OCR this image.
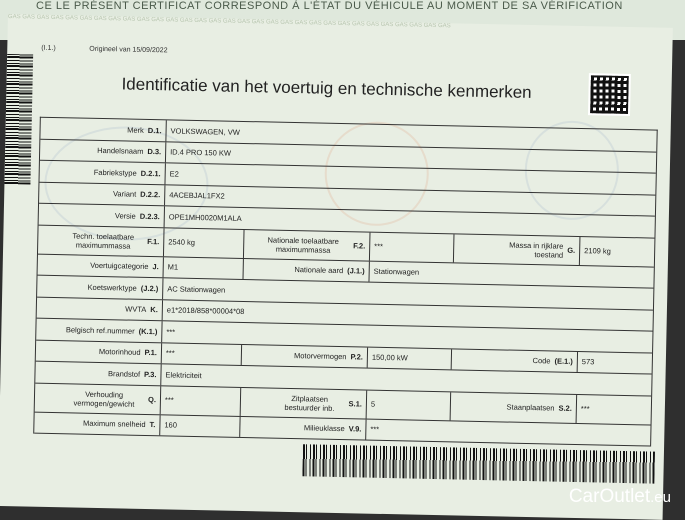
CE LE PRÉSENT CERTIFICAT CORRESPOND À L'ÉTAT DU VÉHICULE AU MOMENT DE SA VÉRIFICATION
GAS GAS GAS GAS GAS GAS GAS GAS GAS GAS GAS GAS GAS GAS GAS GAS GAS GAS GAS GAS GAS GAS GAS GAS GAS GAS GAS GAS GAS GAS GAS
(I.1.)	Origineel van 15/09/2022
Identificatie van het voertuig en technische kenmerken
Merk D.1.	VOLKSWAGEN, VW
Handelsnaam D.3.	ID.4 PRO 150 KW
Fabriekstype D.2.1.	E2
Variant D.2.2.	4ACEBJAL1FX2
Versie D.2.3.	OPE1MH0020M1ALA
Techn. toelaatbare maximummassa	F.1.	2540 kg	Nationale toelaatbare maximummassa	F.2.	***	Massa in rijklare toestand G.	2109 kg
Voertuigcategorie J.	M1	Nationale aard (J.1.)	Stationwagen
Koetswerktype (J.2.)	AC Stationwagen
WVTA K.	e1*2018/858*00004*08
Belgisch ref.nummer (K.1.)	***
Motorinhoud P.1.	***	Motorvermogen P.2.	150,00 kW	Code (E.1.)	573
Brandstof P.3.	Elektriciteit
Verhouding vermogen/gewicht	Q.	***	Zitplaatsen bestuurder inb.	S.1.	5	Staanplaatsen S.2.	***
Maximum snelheid T.	160	Milieuklasse V.9.	***
CarOutlet.eu
